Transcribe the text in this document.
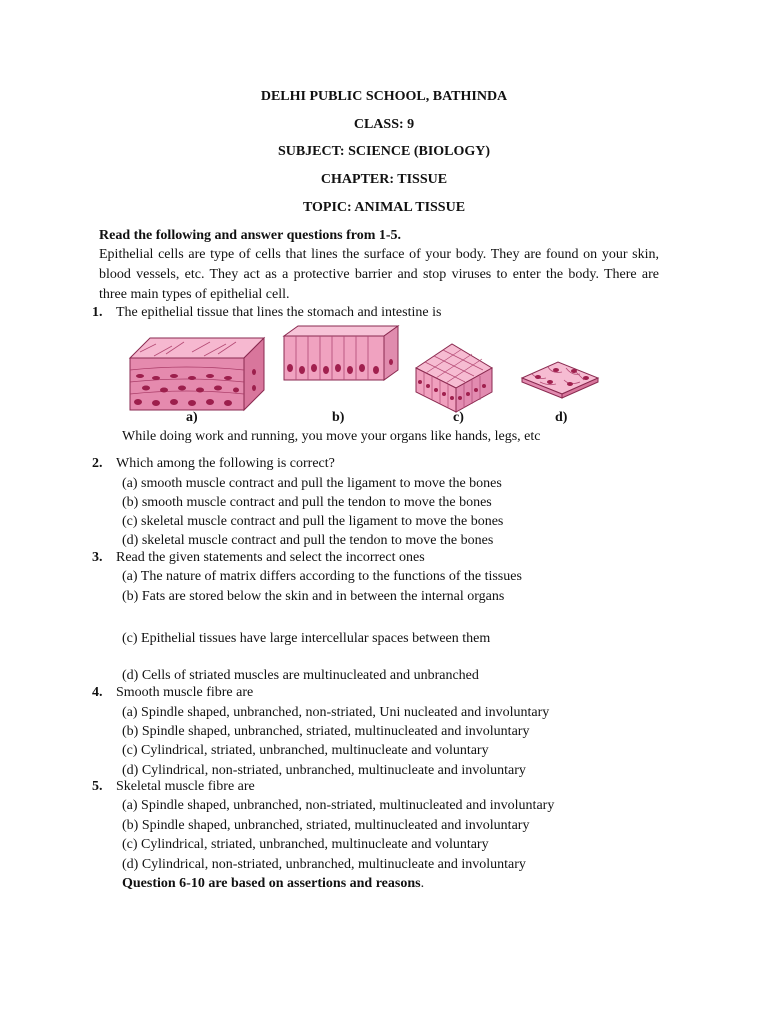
DELHI PUBLIC SCHOOL, BATHINDA
CLASS: 9
SUBJECT: SCIENCE (BIOLOGY)
CHAPTER: TISSUE
TOPIC: ANIMAL TISSUE
Read the following and answer questions from 1-5.
Epithelial cells are type of cells that lines the surface of your body. They are found on your skin, blood vessels, etc. They act as a protective barrier and stop viruses to enter the body. There are three main types of epithelial cell.
1. The epithelial tissue that lines the stomach and intestine is
a)	b)	c)	d)
While doing work and running, you move your organs like hands, legs, etc
2. Which among the following is correct?
(a) smooth muscle contract and pull the ligament to move the bones
(b) smooth muscle contract and pull the tendon to move the bones
(c) skeletal muscle contract and pull the ligament to move the bones
(d) skeletal muscle contract and pull the tendon to move the bones
3. Read the given statements and select the incorrect ones
(a) The nature of matrix differs according to the functions of the tissues
(b) Fats are stored below the skin and in between the internal organs
(c) Epithelial tissues have large intercellular spaces between them
(d) Cells of striated muscles are multinucleated and unbranched
4. Smooth muscle fibre are
(a) Spindle shaped, unbranched, non-striated, Uni nucleated and involuntary
(b) Spindle shaped, unbranched, striated, multinucleated and involuntary
(c) Cylindrical, striated, unbranched, multinucleate and voluntary
(d) Cylindrical, non-striated, unbranched, multinucleate and involuntary
5. Skeletal muscle fibre are
(a) Spindle shaped, unbranched, non-striated, multinucleated and involuntary
(b) Spindle shaped, unbranched, striated, multinucleated and involuntary
(c) Cylindrical, striated, unbranched, multinucleate and voluntary
(d) Cylindrical, non-striated, unbranched, multinucleate and involuntary
Question 6-10 are based on assertions and reasons.
